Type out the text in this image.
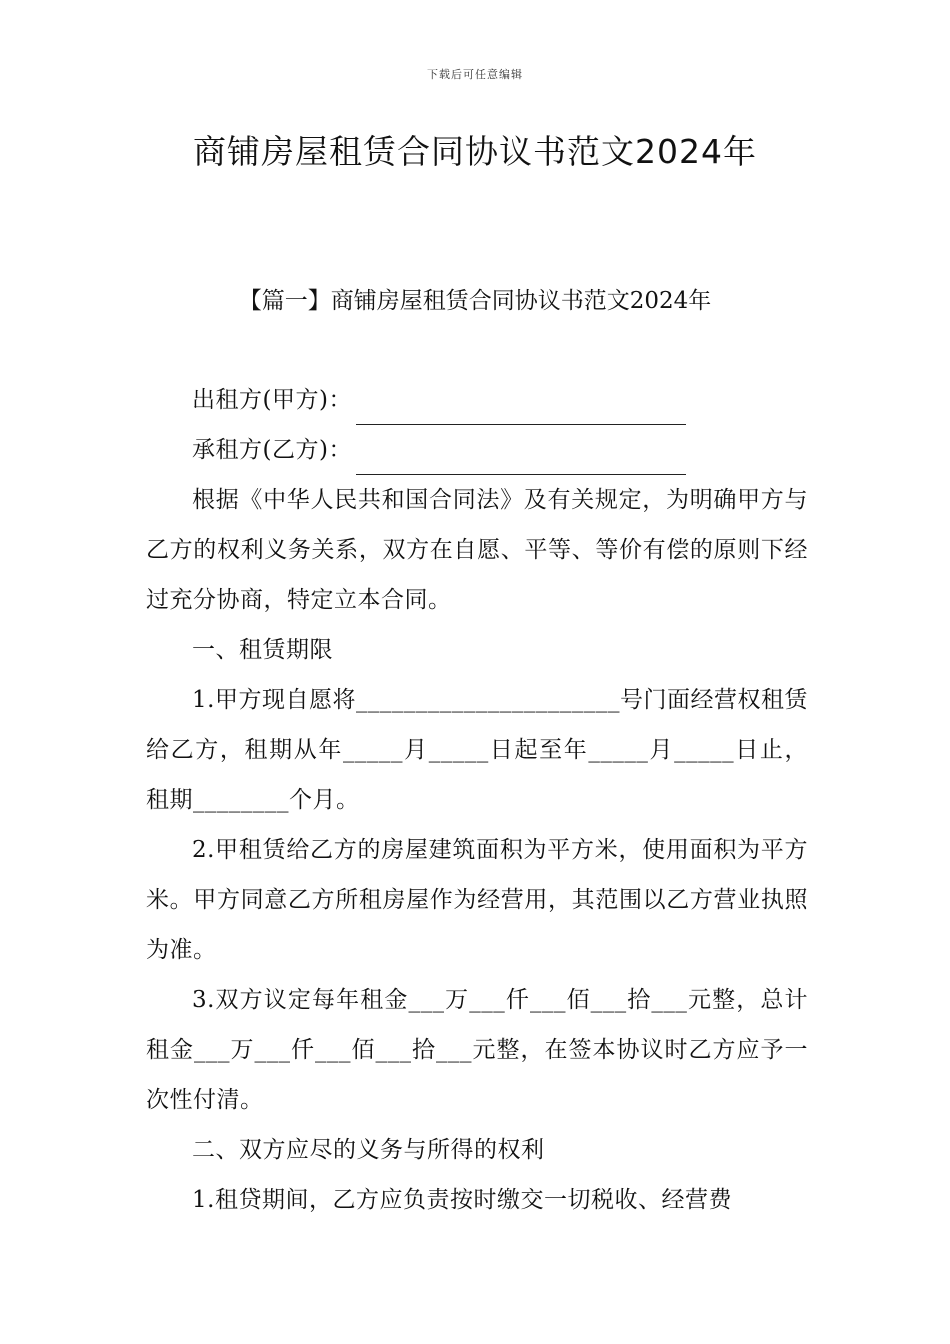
下载后可任意编辑
商铺房屋租赁合同协议书范文2024年
【篇一】商铺房屋租赁合同协议书范文2024年

出租方(甲方)：

承租方(乙方)：

根据《中华人民共和国合同法》及有关规定，为明确甲方与乙方的权利义务关系，双方在自愿、平等、等价有偿的原则下经过充分协商，特定立本合同。

一、租赁期限

1.甲方现自愿将______________________号门面经营权租赁给乙方，租期从年_____月_____日起至年_____月_____日止，租期________个月。

2.甲租赁给乙方的房屋建筑面积为平方米，使用面积为平方米。甲方同意乙方所租房屋作为经营用，其范围以乙方营业执照为准。

3.双方议定每年租金___万___仟___佰___拾___元整，总计租金___万___仟___佰___拾___元整，在签本协议时乙方应予一次性付清。

二、双方应尽的义务与所得的权利

1.租贷期间，乙方应负责按时缴交一切税收、经营费
